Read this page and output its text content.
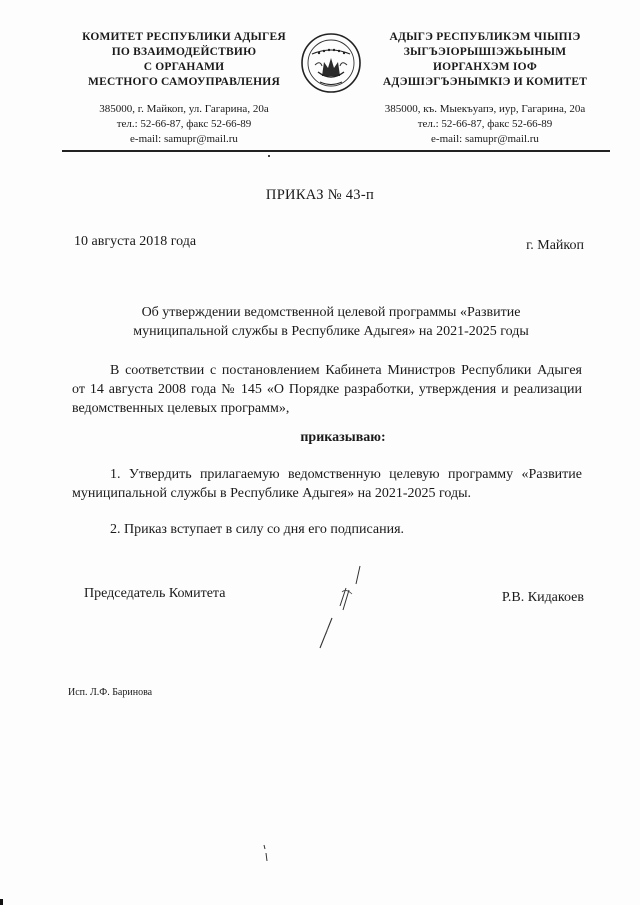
КОМИТЕТ РЕСПУБЛИКИ АДЫГЕЯ
ПО ВЗАИМОДЕЙСТВИЮ
С ОРГАНАМИ
МЕСТНОГО САМОУПРАВЛЕНИЯ
385000, г. Майкоп, ул. Гагарина, 20а
тел.: 52-66-87, факс 52-66-89
e-mail: samupr@mail.ru
АДЫГЭ РЕСПУБЛИКЭМ ЧIЫПIЭ
ЗЫГЪЭIОРЫШIЭЖЬЫНЫМ
ИОРГАНХЭМ IОФ
АДЭШIЭГЪЭНЫМКIЭ И КОМИТЕТ
385000, къ. Мыекъуапэ, иур, Гагарина, 20а
тел.: 52-66-87, факс 52-66-89
e-mail: samupr@mail.ru
ПРИКАЗ № 43-п
10 августа 2018 года	г. Майкоп
Об утверждении ведомственной целевой программы «Развитие
муниципальной службы в Республике Адыгея» на 2021-2025 годы
В соответствии с постановлением Кабинета Министров Республики Адыгея от 14 августа 2008 года № 145 «О Порядке разработки, утверждения и реализации ведомственных целевых программ»,
приказываю:
1. Утвердить прилагаемую ведомственную целевую программу «Развитие муниципальной службы в Республике Адыгея» на 2021-2025 годы.
2. Приказ вступает в силу со дня его подписания.
Председатель Комитета	Р.В. Кидакоев
Исп. Л.Ф. Баринова
